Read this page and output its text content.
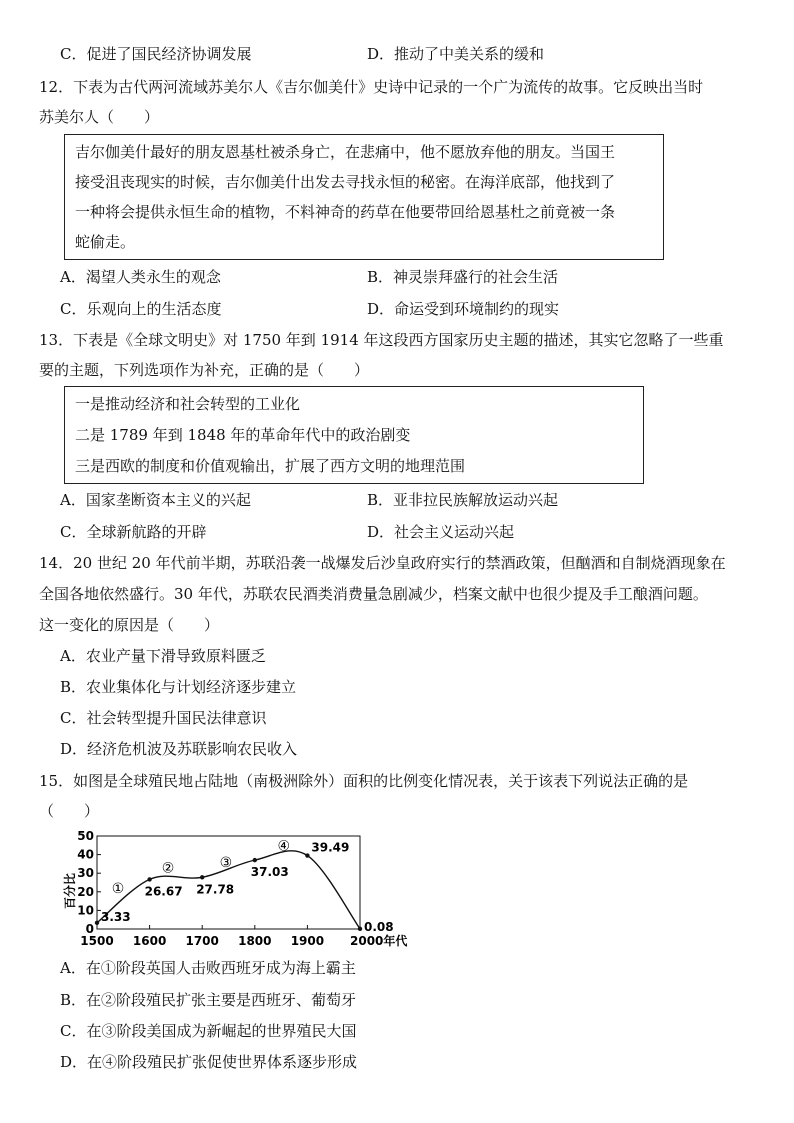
C．促进了国民经济协调发展	D．推动了中美关系的缓和
12．下表为古代两河流域苏美尔人《吉尔伽美什》史诗中记录的一个广为流传的故事。它反映出当时
苏美尔人（　　）
吉尔伽美什最好的朋友恩基杜被杀身亡，在悲痛中，他不愿放弃他的朋友。当国王
接受沮丧现实的时候，吉尔伽美什出发去寻找永恒的秘密。在海洋底部，他找到了
一种将会提供永恒生命的植物，不料神奇的药草在他要带回给恩基杜之前竟被一条
蛇偷走。
A．渴望人类永生的观念	B．神灵崇拜盛行的社会生活
C．乐观向上的生活态度	D．命运受到环境制约的现实
13．下表是《全球文明史》对 1750 年到 1914 年这段西方国家历史主题的描述，其实它忽略了一些重
要的主题，下列选项作为补充，正确的是（　　）
一是推动经济和社会转型的工业化
二是 1789 年到 1848 年的革命年代中的政治剧变
三是西欧的制度和价值观输出，扩展了西方文明的地理范围
A．国家垄断资本主义的兴起	B．亚非拉民族解放运动兴起
C．全球新航路的开辟	D．社会主义运动兴起
14．20 世纪 20 年代前半期，苏联沿袭一战爆发后沙皇政府实行的禁酒政策，但酗酒和自制烧酒现象在
全国各地依然盛行。30 年代，苏联农民酒类消费量急剧减少，档案文献中也很少提及手工酿酒问题。
这一变化的原因是（　　）
A．农业产量下滑导致原料匮乏
B．农业集体化与计划经济逐步建立
C．社会转型提升国民法律意识
D．经济危机波及苏联影响农民收入
15．如图是全球殖民地占陆地（南极洲除外）面积的比例变化情况表，关于该表下列说法正确的是
（　　）
百分比
0
10
20
30
40
50
1500 1600 1700 1800 1900 2000年代
3.33
26.67 27.78
37.03
39.49
0.08
①
②	③
④
A．在①阶段英国人击败西班牙成为海上霸主
B．在②阶段殖民扩张主要是西班牙、葡萄牙
C．在③阶段美国成为新崛起的世界殖民大国
D．在④阶段殖民扩张促使世界体系逐步形成
